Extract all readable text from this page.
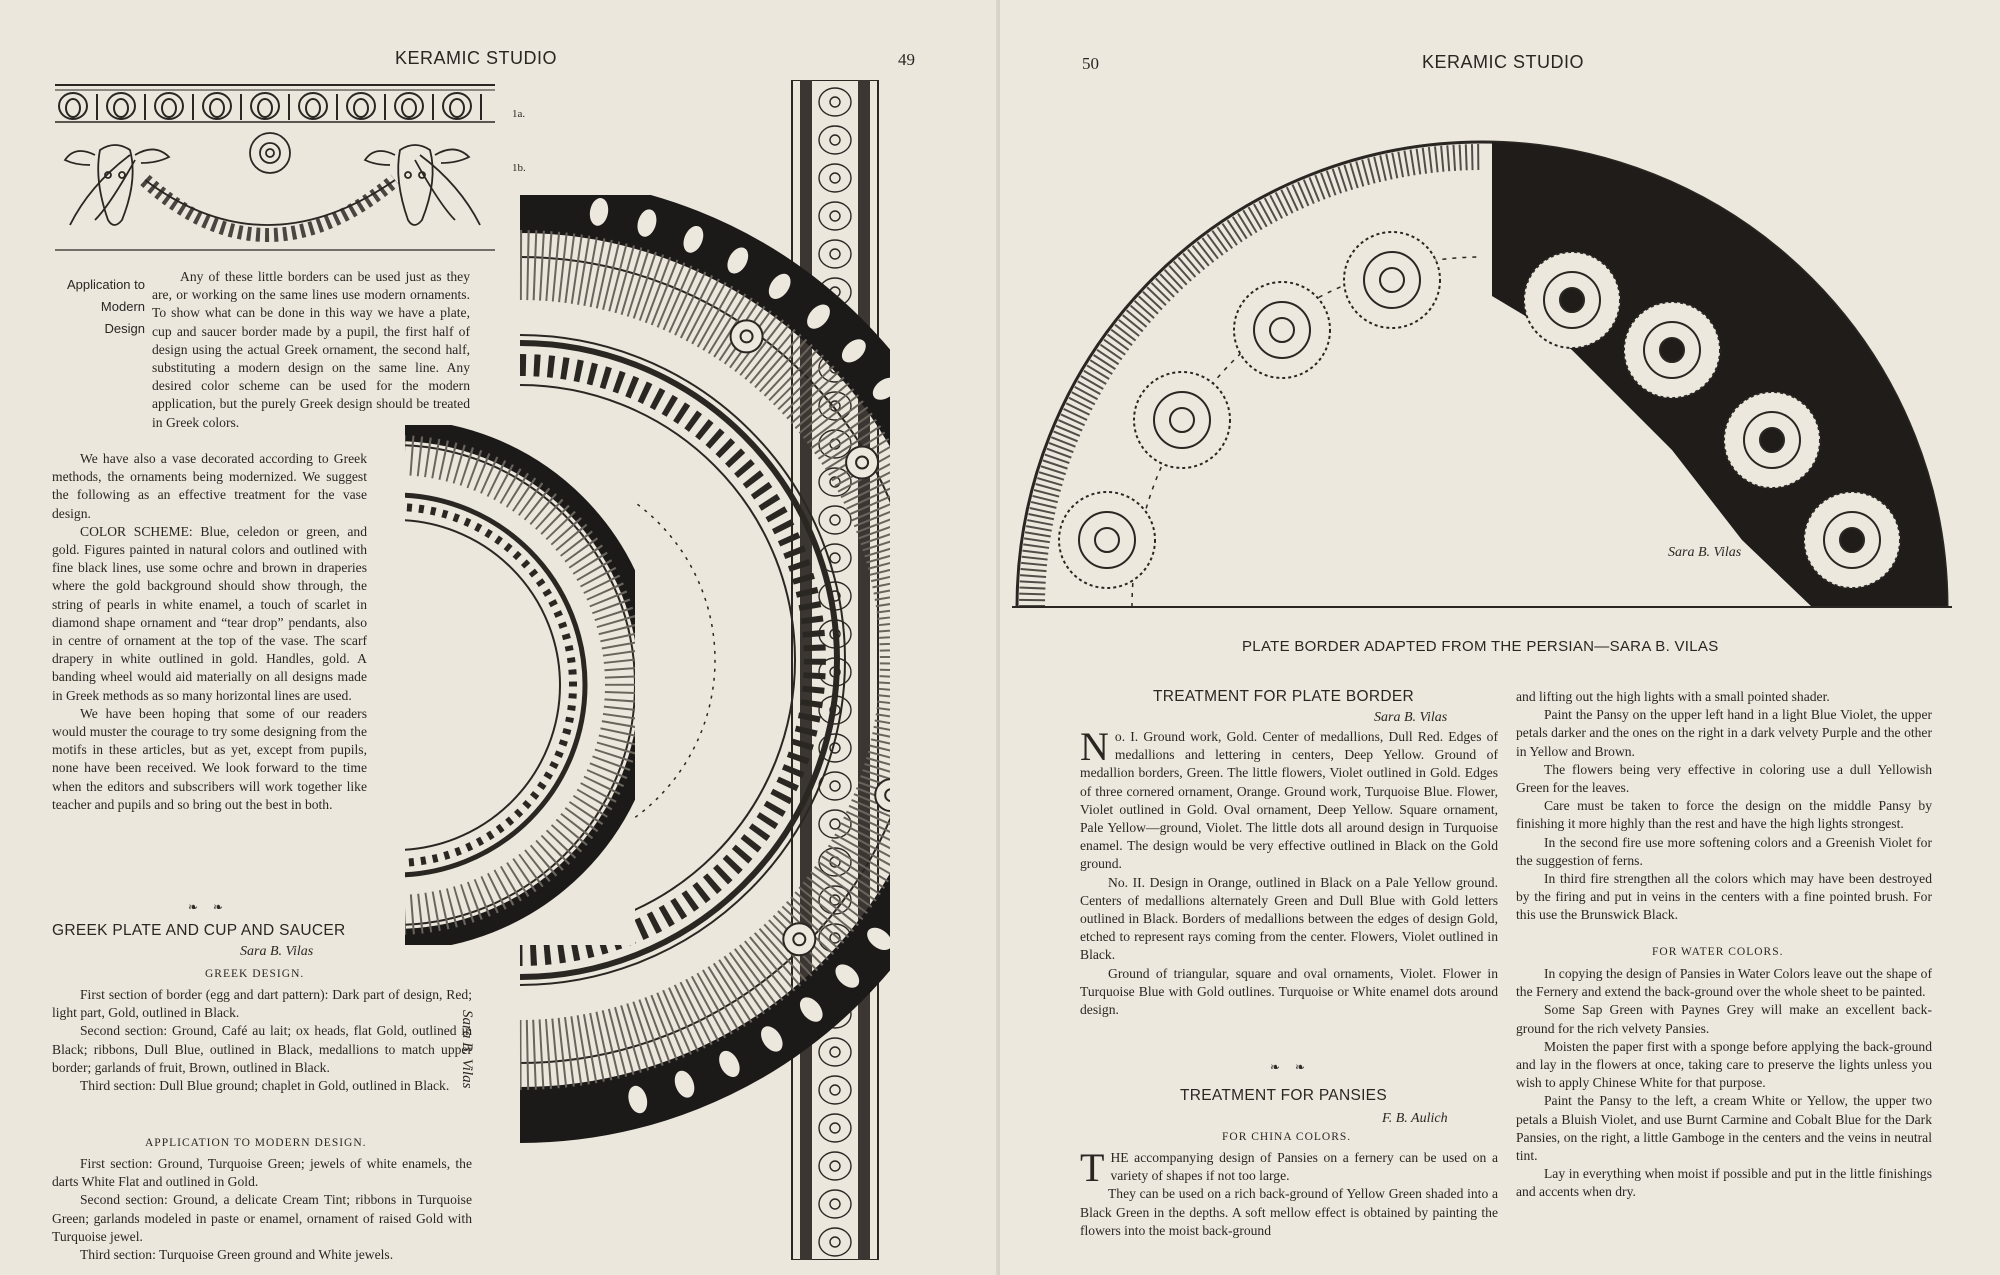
KERAMIC STUDIO	49
1a.
1b.
Application to
Modern
Design

Any of these little borders can be used just as they are, or working on the same lines use modern ornaments. To show what can be done in this way we have a plate, cup and saucer border made by a pupil, the first half of design using the actual Greek ornament, the second half, substituting a modern design on the same line. Any desired color scheme can be used for the modern application, but the purely Greek design should be treated in Greek colors.

We have also a vase decorated according to Greek methods, the ornaments being modernized. We suggest the following as an effective treatment for the vase design.

COLOR SCHEME: Blue, celedon or green, and gold. Figures painted in natural colors and outlined with fine black lines, use some ochre and brown in draperies where the gold background should show through, the string of pearls in white enamel, a touch of scarlet in diamond shape ornament and “tear drop” pendants, also in centre of ornament at the top of the vase. The scarf drapery in white outlined in gold. Handles, gold. A banding wheel would aid materially on all designs made in Greek methods as so many horizontal lines are used.

We have been hoping that some of our readers would muster the courage to try some designing from the motifs in these articles, but as yet, except from pupils, none have been received. We look forward to the time when the editors and subscribers will work together like teacher and pupils and so bring out the best in both.

❧ ❧
GREEK PLATE AND CUP AND SAUCER
Sara B. Vilas
GREEK DESIGN.

First section of border (egg and dart pattern): Dark part of design, Red; light part, Gold, outlined in Black.

Second section: Ground, Café au lait; ox heads, flat Gold, outlined in Black; ribbons, Dull Blue, outlined in Black, medallions to match upper border; garlands of fruit, Brown, outlined in Black.

Third section: Dull Blue ground; chaplet in Gold, outlined in Black.

APPLICATION TO MODERN DESIGN.

First section: Ground, Turquoise Green; jewels of white enamels, the darts White Flat and outlined in Gold.

Second section: Ground, a delicate Cream Tint; ribbons in Turquoise Green; garlands modeled in paste or enamel, ornament of raised Gold with Turquoise jewel.

Third section: Turquoise Green ground and White jewels.

Sara B. Vilas
50	KERAMIC STUDIO
Sara B. Vilas
PLATE BORDER ADAPTED FROM THE PERSIAN—SARA B. VILAS
TREATMENT FOR PLATE BORDER
Sara B. Vilas

No. I. Ground work, Gold. Center of medallions, Dull Red. Edges of medallions and lettering in centers, Deep Yellow. Ground of medallion borders, Green. The little flowers, Violet outlined in Gold. Edges of three cornered ornament, Orange. Ground work, Turquoise Blue. Flower, Violet outlined in Gold. Oval ornament, Deep Yellow. Square ornament, Pale Yellow—ground, Violet. The little dots all around design in Turquoise enamel. The design would be very effective outlined in Black on the Gold ground.

No. II. Design in Orange, outlined in Black on a Pale Yellow ground. Centers of medallions alternately Green and Dull Blue with Gold letters outlined in Black. Borders of medallions between the edges of design Gold, etched to represent rays coming from the center. Flowers, Violet outlined in Black.

Ground of triangular, square and oval ornaments, Violet. Flower in Turquoise Blue with Gold outlines. Turquoise or White enamel dots around design.

❧ ❧
TREATMENT FOR PANSIES
F. B. Aulich
FOR CHINA COLORS.

THE accompanying design of Pansies on a fernery can be used on a variety of shapes if not too large.

They can be used on a rich back-ground of Yellow Green shaded into a Black Green in the depths. A soft mellow effect is obtained by painting the flowers into the moist back-ground

and lifting out the high lights with a small pointed shader.

Paint the Pansy on the upper left hand in a light Blue Violet, the upper petals darker and the ones on the right in a dark velvety Purple and the other in Yellow and Brown.

The flowers being very effective in coloring use a dull Yellowish Green for the leaves.

Care must be taken to force the design on the middle Pansy by finishing it more highly than the rest and have the high lights strongest.

In the second fire use more softening colors and a Greenish Violet for the suggestion of ferns.

In third fire strengthen all the colors which may have been destroyed by the firing and put in veins in the centers with a fine pointed brush. For this use the Brunswick Black.

FOR WATER COLORS.

In copying the design of Pansies in Water Colors leave out the shape of the Fernery and extend the back-ground over the whole sheet to be painted.

Some Sap Green with Paynes Grey will make an excellent back-ground for the rich velvety Pansies.

Moisten the paper first with a sponge before applying the back-ground and lay in the flowers at once, taking care to preserve the lights unless you wish to apply Chinese White for that purpose.

Paint the Pansy to the left, a cream White or Yellow, the upper two petals a Bluish Violet, and use Burnt Carmine and Cobalt Blue for the Dark Pansies, on the right, a little Gamboge in the centers and the veins in neutral tint.

Lay in everything when moist if possible and put in the little finishings and accents when dry.
